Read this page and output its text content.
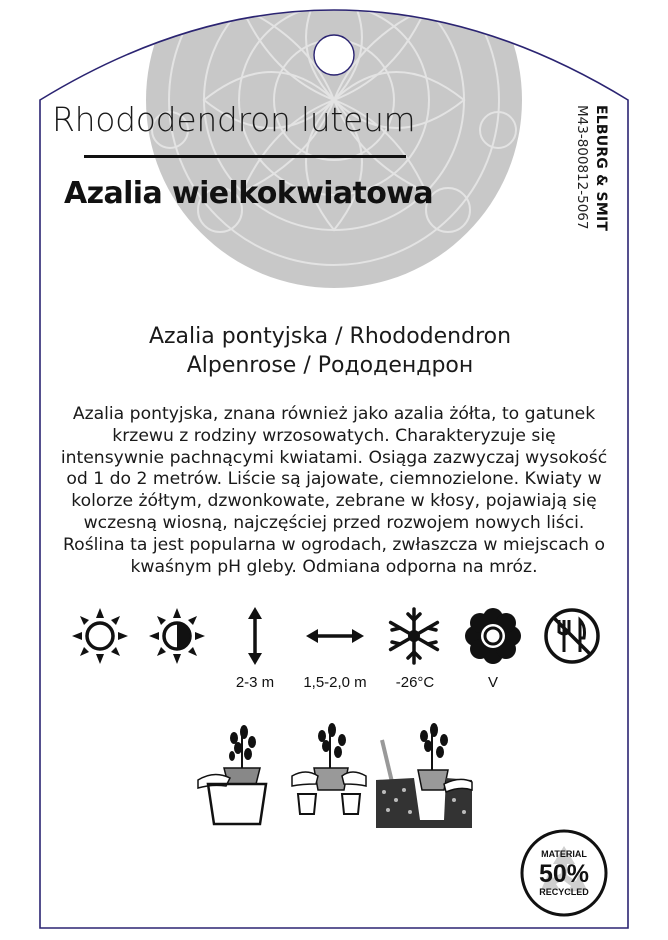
Rhododendron luteum
Azalia wielkokwiatowa	ELBURG & SMIT
M43-800812-5067
Azalia pontyjska / Rhododendron
Alpenrose / Рододендрон
Azalia pontyjska, znana również jako azalia żółta, to gatunek krzewu z rodziny wrzosowatych. Charakteryzuje się intensywnie pachnącymi kwiatami. Osiąga zazwyczaj wysokość od 1 do 2 metrów. Liście są jajowate, ciemnozielone. Kwiaty w kolorze żółtym, dzwonkowate, zebrane w kłosy, pojawiają się wczesną wiosną, najczęściej przed rozwojem nowych liści. Roślina ta jest popularna w ogrodach, zwłaszcza w miejscach o kwaśnym pH gleby. Odmiana odporna na mróz.
2-3 m	1,5-2,0 m	-26°C	V
MATERIAL
50%
RECYCLED
